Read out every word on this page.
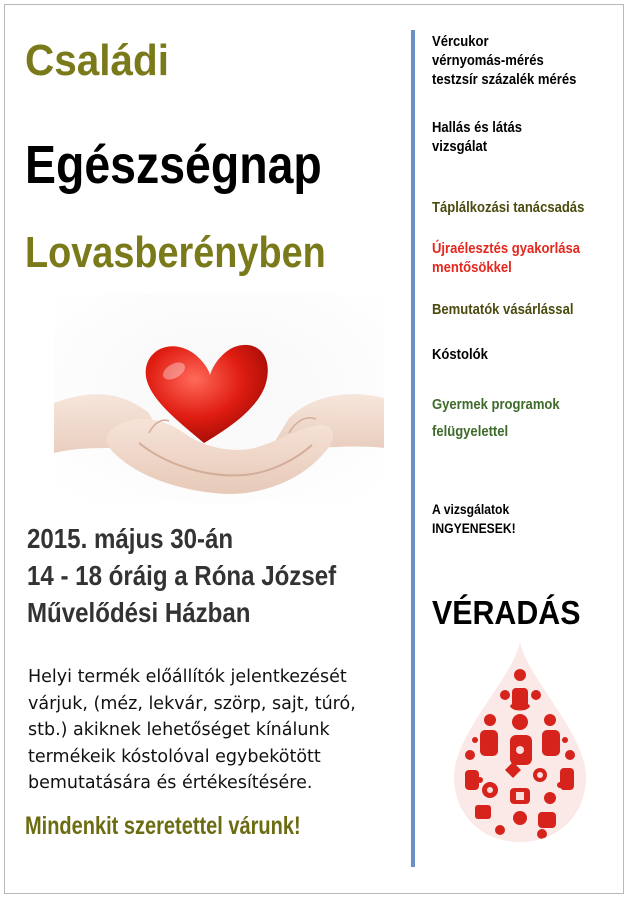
Családi
Egészségnap
Lovasberényben
2015. május 30-án
14 - 18 óráig a Róna József
Művelődési Házban

Helyi termék előállítók jelentkezését

várjuk, (méz, lekvár, szörp, sajt, túró,

stb.) akiknek lehetőséget kínálunk

termékeik kóstolóval egybekötött

bemutatására és értékesítésére.

Mindenkit szeretettel várunk!
Vércukor
vérnyomás-mérés
testzsír százalék mérés
Hallás és látás
vizsgálat
Táplálkozási tanácsadás
Újraélesztés gyakorlása
mentősökkel
Bemutatók vásárlással
Kóstolók
Gyermek programok
felügyelettel
A vizsgálatok
INGYENESEK!
VÉRADÁS
